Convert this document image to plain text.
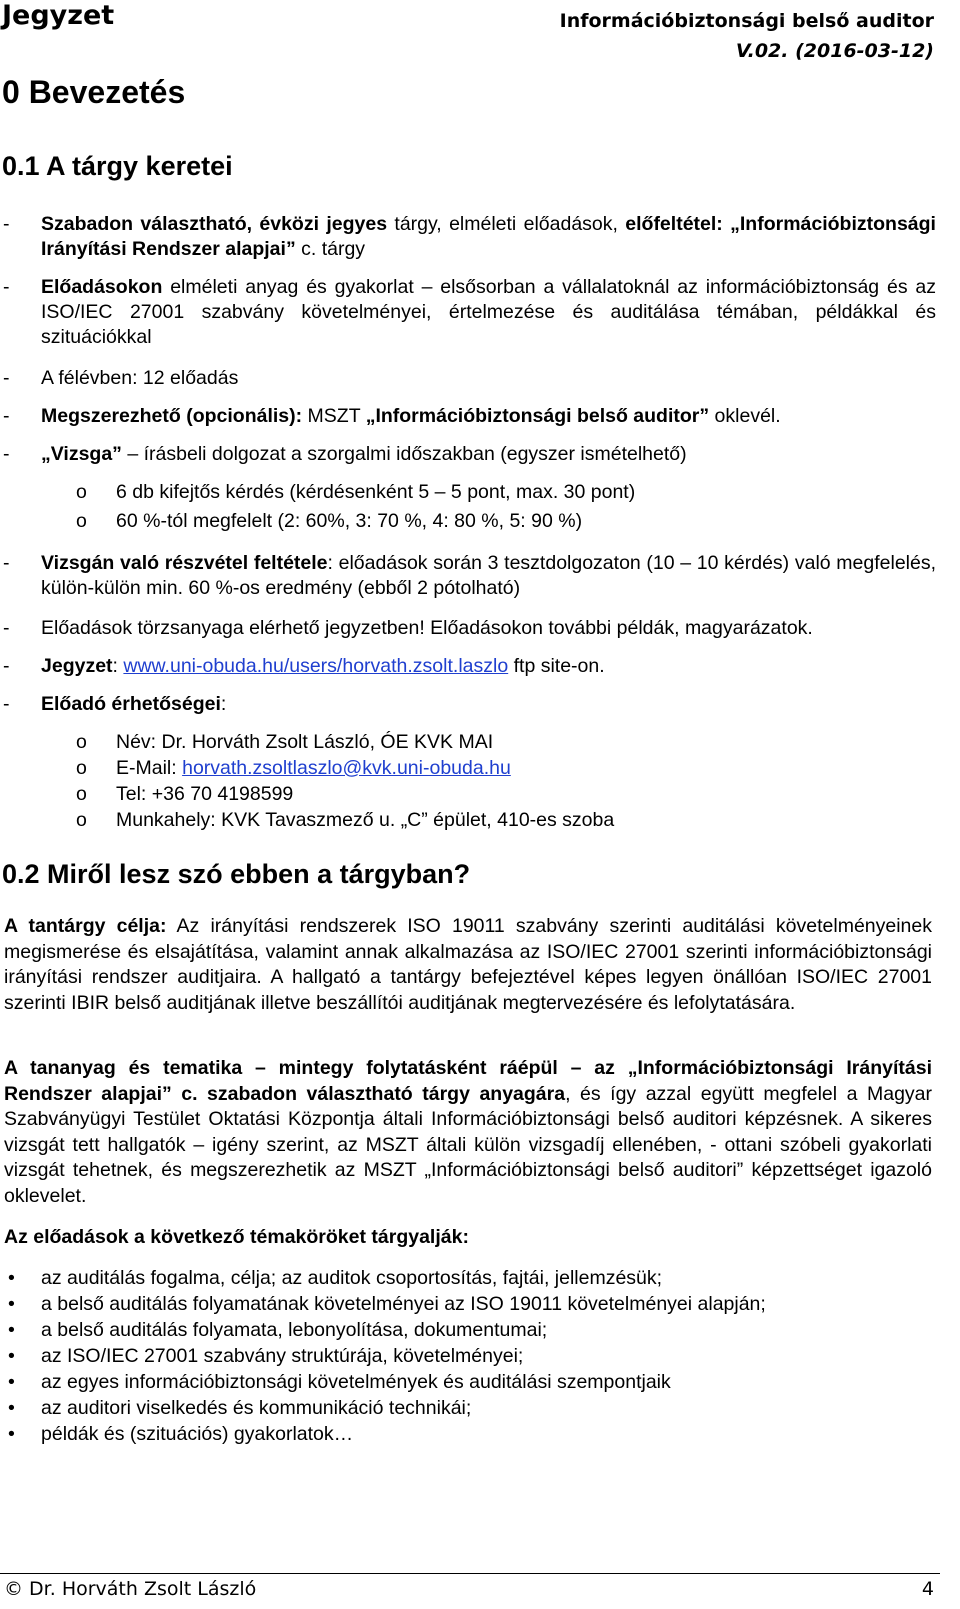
Jegyzet	Információbiztonsági belső auditor
V.02. (2016-03-12)
0 Bevezetés
0.1 A tárgy keretei
- Szabadon választható, évközi jegyes tárgy, elméleti előadások, előfeltétel: „Információbiztonsági Irányítási Rendszer alapjai” c. tárgy
- Előadásokon elméleti anyag és gyakorlat – elsősorban a vállalatoknál az információbiztonság és az ISO/IEC 27001 szabvány követelményei, értelmezése és auditálása témában, példákkal és szituációkkal
- A félévben: 12 előadás
- Megszerezhető (opcionális): MSZT „Információbiztonsági belső auditor” oklevél.
- „Vizsga” – írásbeli dolgozat a szorgalmi időszakban (egyszer ismételhető)
o 6 db kifejtős kérdés (kérdésenként 5 – 5 pont, max. 30 pont)
o 60 %-tól megfelelt (2: 60%, 3: 70 %, 4: 80 %, 5: 90 %)
- Vizsgán való részvétel feltétele: előadások során 3 tesztdolgozaton (10 – 10 kérdés) való megfelelés, külön-külön min. 60 %-os eredmény (ebből 2 pótolható)
- Előadások törzsanyaga elérhető jegyzetben! Előadásokon további példák, magyarázatok.
- Jegyzet: www.uni-obuda.hu/users/horvath.zsolt.laszlo ftp site-on.
- Előadó érhetőségei:
o Név: Dr. Horváth Zsolt László, ÓE KVK MAI
o E-Mail: horvath.zsoltlaszlo@kvk.uni-obuda.hu
o Tel: +36 70 4198599
o Munkahely: KVK Tavaszmező u. „C” épület, 410-es szoba
0.2 Miről lesz szó ebben a tárgyban?
A tantárgy célja: Az irányítási rendszerek ISO 19011 szabvány szerinti auditálási követelményeinek megismerése és elsajátítása, valamint annak alkalmazása az ISO/IEC 27001 szerinti információbiztonsági irányítási rendszer auditjaira. A hallgató a tantárgy befejeztével képes legyen önállóan ISO/IEC 27001 szerinti IBIR belső auditjának illetve beszállítói auditjának megtervezésére és lefolytatására.
A tananyag és tematika – mintegy folytatásként ráépül – az „Információbiztonsági Irányítási Rendszer alapjai” c. szabadon választható tárgy anyagára, és így azzal együtt megfelel a Magyar Szabványügyi Testület Oktatási Központja általi Információbiztonsági belső auditori képzésnek. A sikeres vizsgát tett hallgatók – igény szerint, az MSZT általi külön vizsgadíj ellenében, - ottani szóbeli gyakorlati vizsgát tehetnek, és megszerezhetik az MSZT „Információbiztonsági belső auditori” képzettséget igazoló oklevelet.
Az előadások a következő témaköröket tárgyalják:
• az auditálás fogalma, célja; az auditok csoportosítás, fajtái, jellemzésük;
• a belső auditálás folyamatának követelményei az ISO 19011 követelményei alapján;
• a belső auditálás folyamata, lebonyolítása, dokumentumai;
• az ISO/IEC 27001 szabvány struktúrája, követelményei;
• az egyes információbiztonsági követelmények és auditálási szempontjaik
• az auditori viselkedés és kommunikáció technikái;
• példák és (szituációs) gyakorlatok…
© Dr. Horváth Zsolt László	4
